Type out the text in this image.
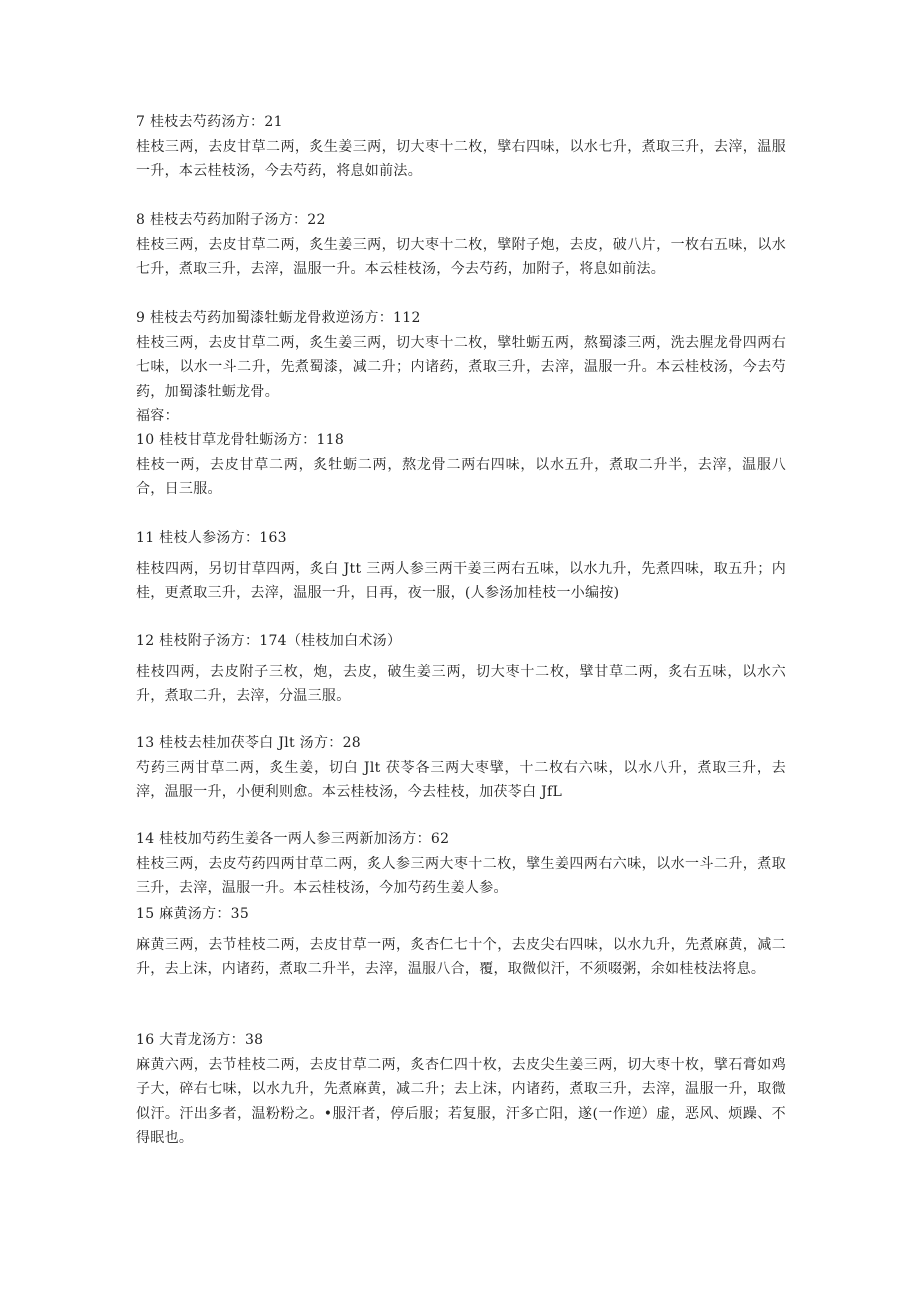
7 桂枝去芍药汤方：21

桂枝三两，去皮甘草二两，炙生姜三两，切大枣十二枚，擘右四味，以水七升，煮取三升，去滓，温服一升，本云桂枝汤，今去芍药，将息如前法。

8 桂枝去芍药加附子汤方：22

桂枝三两，去皮甘草二两，炙生姜三两，切大枣十二枚，擘附子炮，去皮，破八片，一枚右五味，以水七升，煮取三升，去滓，温服一升。本云桂枝汤，今去芍药，加附子，将息如前法。

9 桂枝去芍药加蜀漆牡蛎龙骨救逆汤方：112

桂枝三两，去皮甘草二两，炙生姜三两，切大枣十二枚，擘牡蛎五两，熬蜀漆三两，洗去腥龙骨四两右七味，以水一斗二升，先煮蜀漆，减二升；内诸药，煮取三升，去滓，温服一升。本云桂枝汤，今去芍药，加蜀漆牡蛎龙骨。

福容：

10 桂枝甘草龙骨牡蛎汤方：118

桂枝一两，去皮甘草二两，炙牡蛎二两，熬龙骨二两右四味，以水五升，煮取二升半，去滓，温服八合，日三服。

11 桂枝人参汤方：163

桂枝四两，另切甘草四两，炙白 Jtt 三两人参三两干姜三两右五味，以水九升，先煮四味，取五升；内桂，更煮取三升，去滓，温服一升，日再，夜一服，(人参汤加桂枝一小编按)

12 桂枝附子汤方：174（桂枝加白术汤）

桂枝四两，去皮附子三枚，炮，去皮，破生姜三两，切大枣十二枚，擘甘草二两，炙右五味，以水六升，煮取二升，去滓，分温三服。

13 桂枝去桂加茯苓白 Jlt 汤方：28

芍药三两甘草二两，炙生姜，切白 Jlt 茯苓各三两大枣擘，十二枚右六味，以水八升，煮取三升，去滓，温服一升，小便利则愈。本云桂枝汤，今去桂枝，加茯苓白 JfL

14 桂枝加芍药生姜各一两人参三两新加汤方：62

桂枝三两，去皮芍药四两甘草二两，炙人参三两大枣十二枚，擘生姜四两右六味，以水一斗二升，煮取三升，去滓，温服一升。本云桂枝汤，今加芍药生姜人参。

15 麻黄汤方：35

麻黄三两，去节桂枝二两，去皮甘草一两，炙杏仁七十个，去皮尖右四味，以水九升，先煮麻黄，减二升，去上沫，内诸药，煮取二升半，去滓，温服八合，覆，取微似汗，不须啜粥，余如桂枝法将息。

16 大青龙汤方：38

麻黄六两，去节桂枝二两，去皮甘草二两，炙杏仁四十枚，去皮尖生姜三两，切大枣十枚，擘石膏如鸡子大，碎右七味，以水九升，先煮麻黄，减二升；去上沫，内诸药，煮取三升，去滓，温服一升，取微似汗。汗出多者，温粉粉之。•服汗者，停后服；若复服，汗多亡阳，遂(一作逆）虚，恶风、烦躁、不得眠也。
